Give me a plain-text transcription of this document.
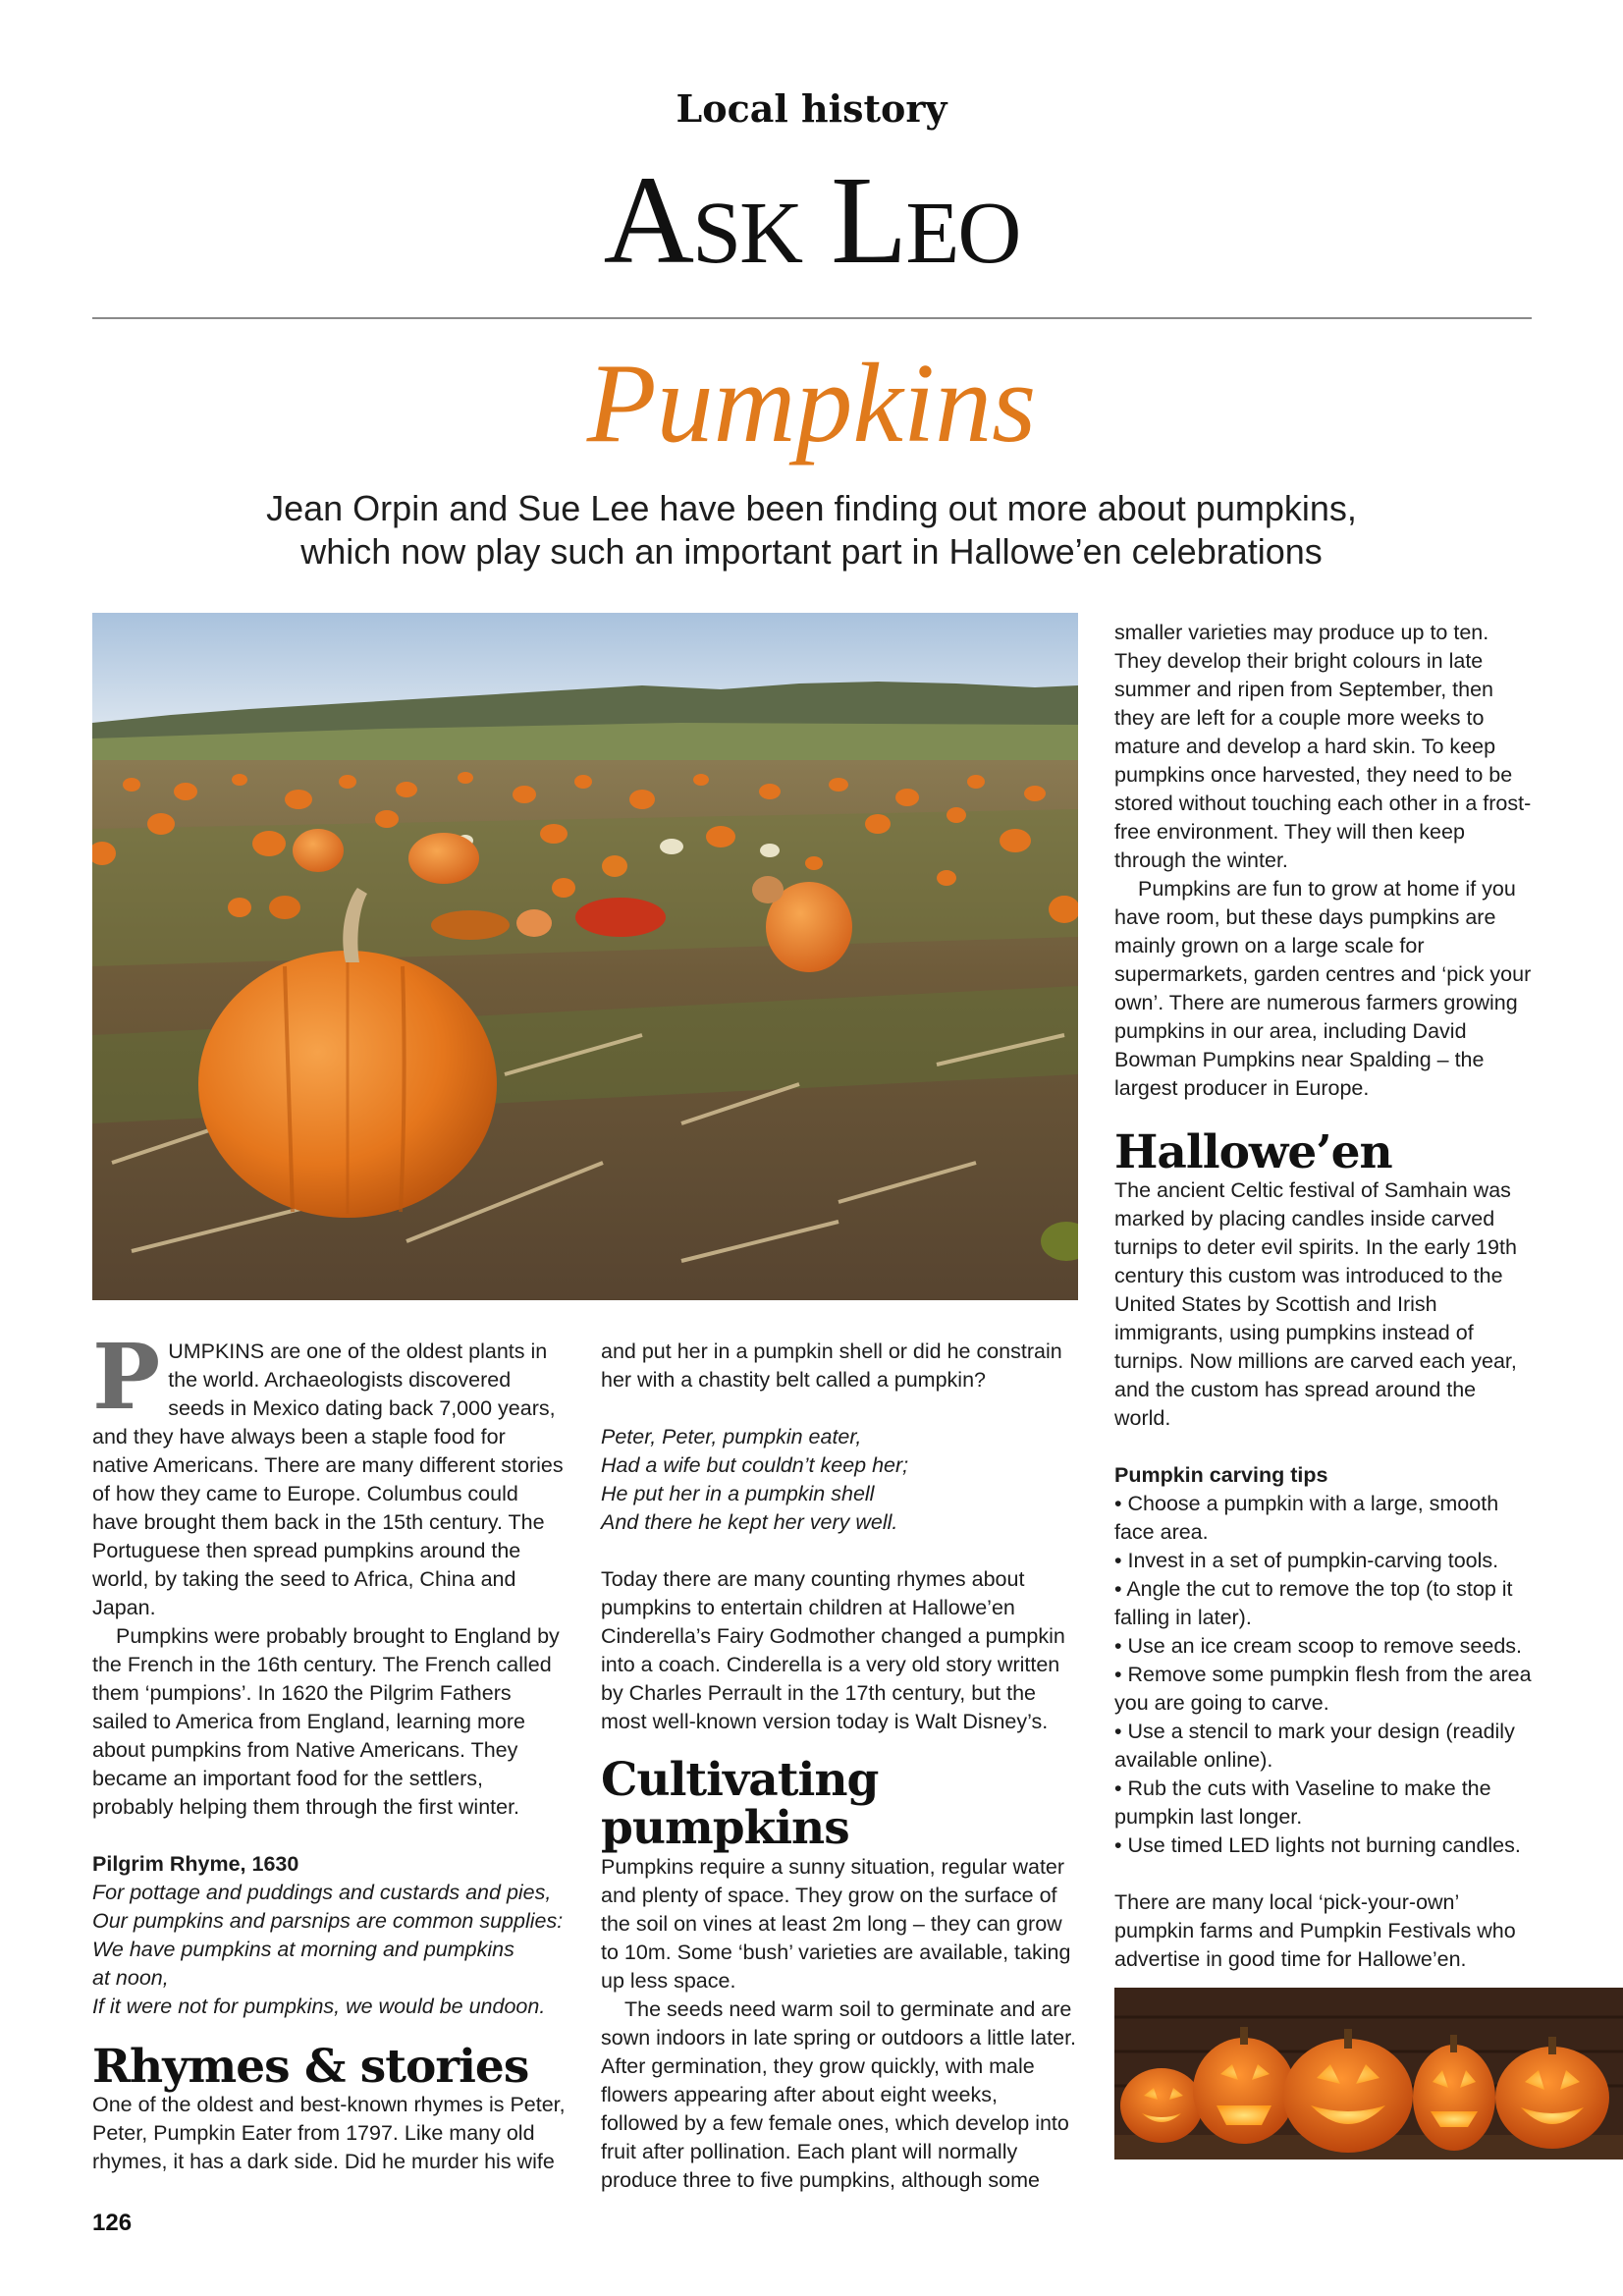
Local history
Ask Leo
Pumpkins
Jean Orpin and Sue Lee have been finding out more about pumpkins,
which now play such an important part in Hallowe’en celebrations

P UMPKINS are one of the oldest plants in the world. Archaeologists discovered seeds in Mexico dating back 7,000 years, and they have always been a staple food for native Americans. There are many different stories of how they came to Europe. Columbus could have brought them back in the 15th century. The Portuguese then spread pumpkins around the world, by taking the seed to Africa, China and Japan.

Pumpkins were probably brought to England by the French in the 16th century. The French called them ‘pumpions’. In 1620 the Pilgrim Fathers sailed to America from England, learning more about pumpkins from Native Americans. They became an important food for the settlers, probably helping them through the first winter.

Pilgrim Rhyme, 1630

For pottage and puddings and custards and pies,

Our pumpkins and parsnips are common supplies:

We have pumpkins at morning and pumpkins

at noon,

If it were not for pumpkins, we would be undoon.

Rhymes & stories

One of the oldest and best-known rhymes is Peter, Peter, Pumpkin Eater from 1797. Like many old rhymes, it has a dark side. Did he murder his wife

and put her in a pumpkin shell or did he constrain her with a chastity belt called a pumpkin?

Peter, Peter, pumpkin eater,

Had a wife but couldn’t keep her;

He put her in a pumpkin shell

And there he kept her very well.

Today there are many counting rhymes about pumpkins to entertain children at Hallowe’en Cinderella’s Fairy Godmother changed a pumpkin into a coach. Cinderella is a very old story written by Charles Perrault in the 17th century, but the most well-known version today is Walt Disney’s.

Cultivating pumpkins

Pumpkins require a sunny situation, regular water and plenty of space. They grow on the surface of the soil on vines at least 2m long – they can grow to 10m. Some ‘bush’ varieties are available, taking up less space.

The seeds need warm soil to germinate and are sown indoors in late spring or outdoors a little later. After germination, they grow quickly, with male flowers appearing after about eight weeks, followed by a few female ones, which develop into fruit after pollination. Each plant will normally produce three to five pumpkins, although some

smaller varieties may produce up to ten. They develop their bright colours in late summer and ripen from September, then they are left for a couple more weeks to mature and develop a hard skin. To keep pumpkins once harvested, they need to be stored without touching each other in a frost-free environment. They will then keep through the winter.

Pumpkins are fun to grow at home if you have room, but these days pumpkins are mainly grown on a large scale for supermarkets, garden centres and ‘pick your own’. There are numerous farmers growing pumpkins in our area, including David Bowman Pumpkins near Spalding – the largest producer in Europe.

Hallowe’en

The ancient Celtic festival of Samhain was marked by placing candles inside carved turnips to deter evil spirits. In the early 19th century this custom was introduced to the United States by Scottish and Irish immigrants, using pumpkins instead of turnips. Now millions are carved each year, and the custom has spread around the world.

Pumpkin carving tips

• Choose a pumpkin with a large, smooth face area.

• Invest in a set of pumpkin-carving tools.

• Angle the cut to remove the top (to stop it falling in later).

• Use an ice cream scoop to remove seeds.

• Remove some pumpkin flesh from the area you are going to carve.

• Use a stencil to mark your design (readily available online).

• Rub the cuts with Vaseline to make the pumpkin last longer.

• Use timed LED lights not burning candles.

There are many local ‘pick-your-own’ pumpkin farms and Pumpkin Festivals who advertise in good time for Hallowe’en.

126
